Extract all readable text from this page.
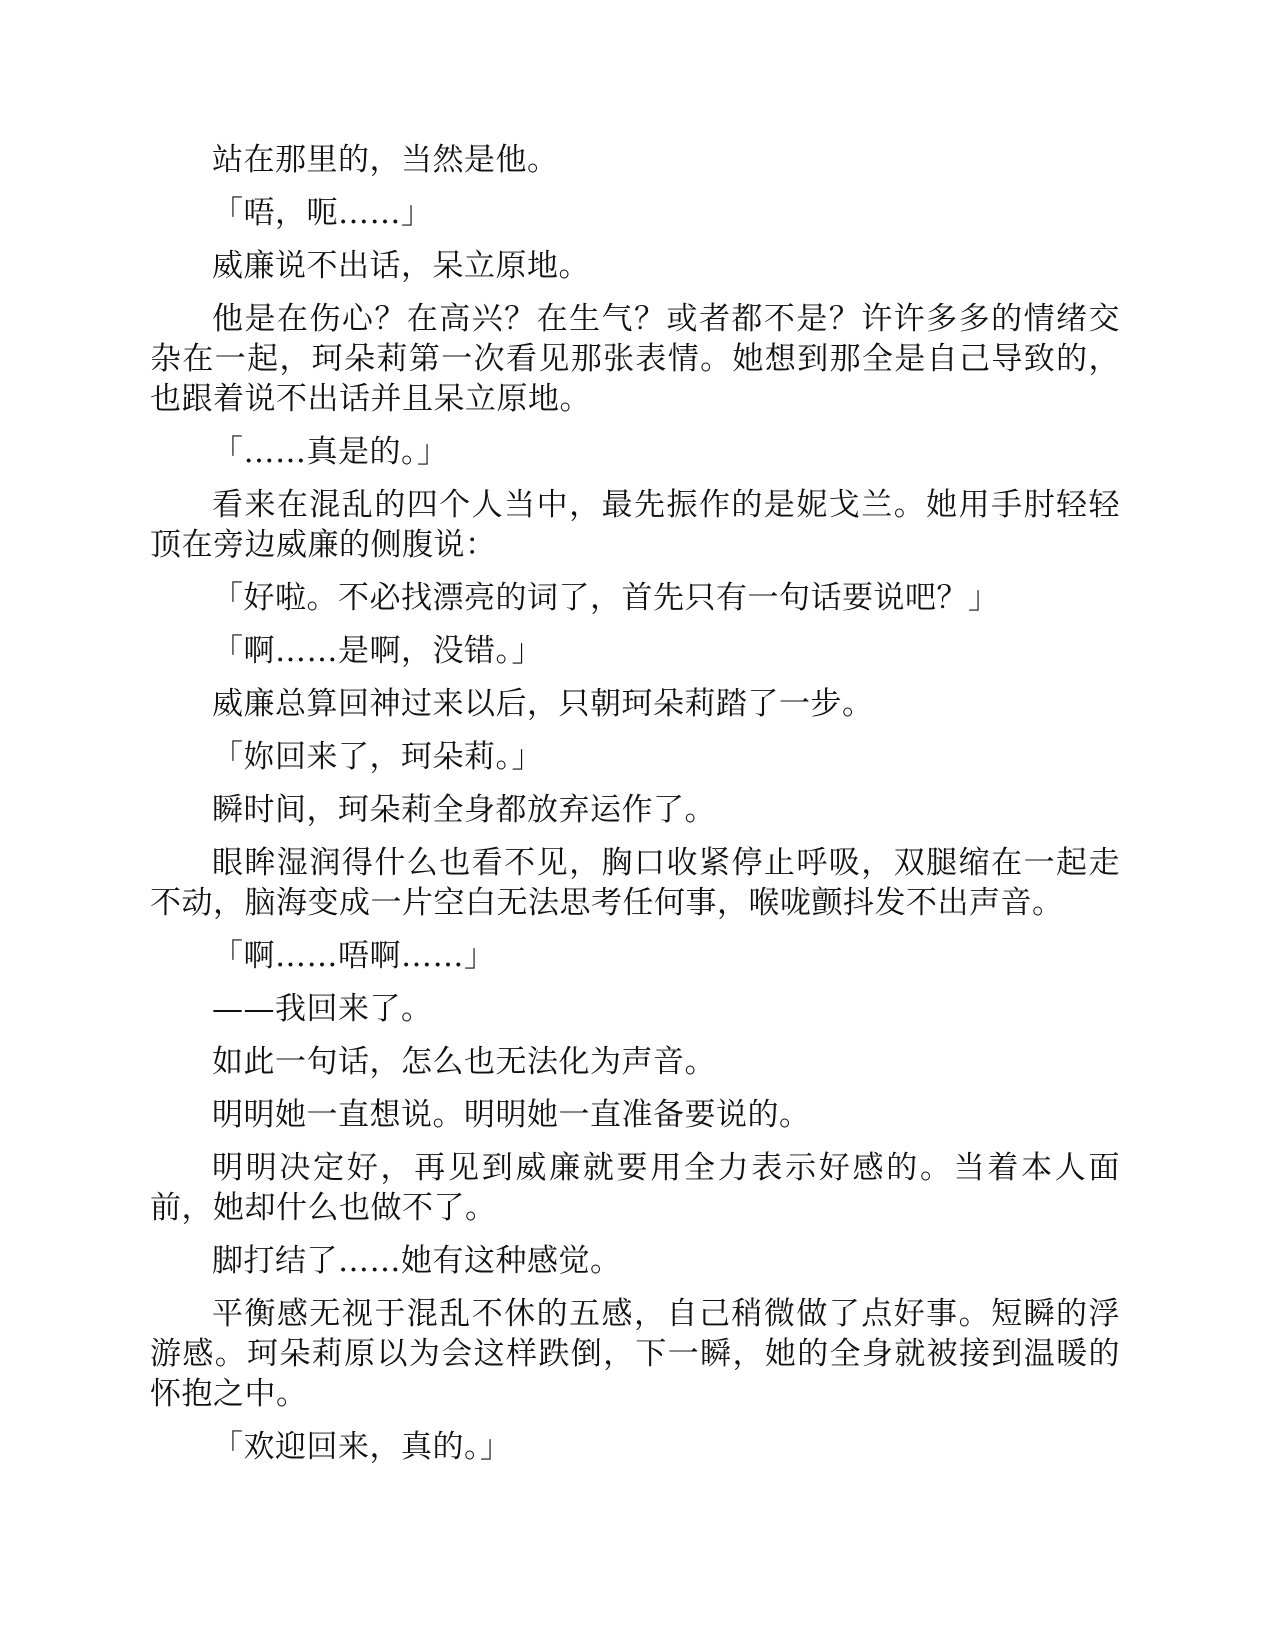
站在那里的，当然是他。

「唔，呃……」

威廉说不出话，呆立原地。

他是在伤心？在高兴？在生气？或者都不是？许许多多的情绪交杂在一起，珂朵莉第一次看见那张表情。她想到那全是自己导致的，也跟着说不出话并且呆立原地。

「……真是的。」

看来在混乱的四个人当中，最先振作的是妮戈兰。她用手肘轻轻顶在旁边威廉的侧腹说：

「好啦。不必找漂亮的词了，首先只有一句话要说吧？」

「啊……是啊，没错。」

威廉总算回神过来以后，只朝珂朵莉踏了一步。

「妳回来了，珂朵莉。」

瞬时间，珂朵莉全身都放弃运作了。

眼眸湿润得什么也看不见，胸口收紧停止呼吸，双腿缩在一起走不动，脑海变成一片空白无法思考任何事，喉咙颤抖发不出声音。

「啊……唔啊……」

——我回来了。

如此一句话，怎么也无法化为声音。

明明她一直想说。明明她一直准备要说的。

明明决定好，再见到威廉就要用全力表示好感的。当着本人面前，她却什么也做不了。

脚打结了……她有这种感觉。

平衡感无视于混乱不休的五感，自己稍微做了点好事。短瞬的浮游感。珂朵莉原以为会这样跌倒，下一瞬，她的全身就被接到温暖的怀抱之中。

「欢迎回来，真的。」
